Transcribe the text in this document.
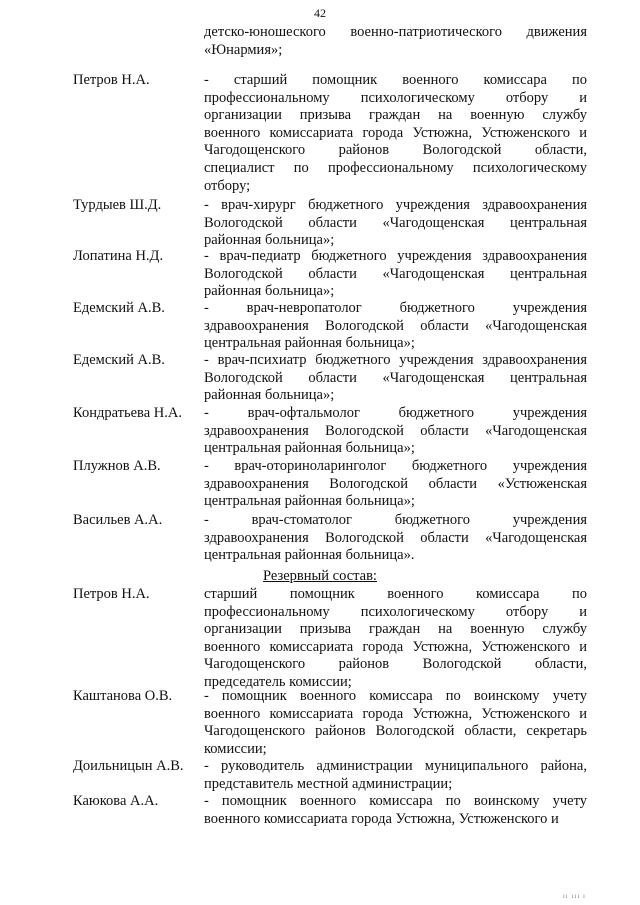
42
детско-юношеского военно-патриотического движения
«Юнармия»;
Петров Н.А.	- старший помощник военного комиссара по
профессиональному психологическому отбору и
организации призыва граждан на военную службу
военного комиссариата города Устюжна, Устюженского и
Чагодощенского районов Вологодской области,
специалист по профессиональному психологическому
отбору;
Турдыев Ш.Д.	- врач-хирург бюджетного учреждения здравоохранения
Вологодской области «Чагодощенская центральная
районная больница»;
Лопатина Н.Д.	- врач-педиатр бюджетного учреждения здравоохранения
Вологодской области «Чагодощенская центральная
районная больница»;
Едемский А.В.	- врач-невропатолог бюджетного учреждения
здравоохранения Вологодской области «Чагодощенская
центральная районная больница»;
Едемский А.В.	- врач-психиатр бюджетного учреждения здравоохранения
Вологодской области «Чагодощенская центральная
районная больница»;
Кондратьева Н.А.	- врач-офтальмолог бюджетного учреждения
здравоохранения Вологодской области «Чагодощенская
центральная районная больница»;
Плужнов А.В.	- врач-оториноларинголог бюджетного учреждения
здравоохранения Вологодской области «Устюженская
центральная районная больница»;
Васильев А.А.	- врач-стоматолог бюджетного учреждения
здравоохранения Вологодской области «Чагодощенская
центральная районная больница».
Резервный состав:
Петров Н.А.	старший помощник военного комиссара по
профессиональному психологическому отбору и
организации призыва граждан на военную службу
военного комиссариата города Устюжна, Устюженского и
Чагодощенского районов Вологодской области,
председатель комиссии;
Каштанова О.В.	- помощник военного комиссара по воинскому учету
военного комиссариата города Устюжна, Устюженского и
Чагодощенского районов Вологодской области, секретарь
комиссии;
Доильницын А.В.	- руководитель администрации муниципального района,
представитель местной администрации;
Каюкова А.А.	- помощник военного комиссара по воинскому учету
военного комиссариата города Устюжна, Устюженского и
ıı ııı ı
